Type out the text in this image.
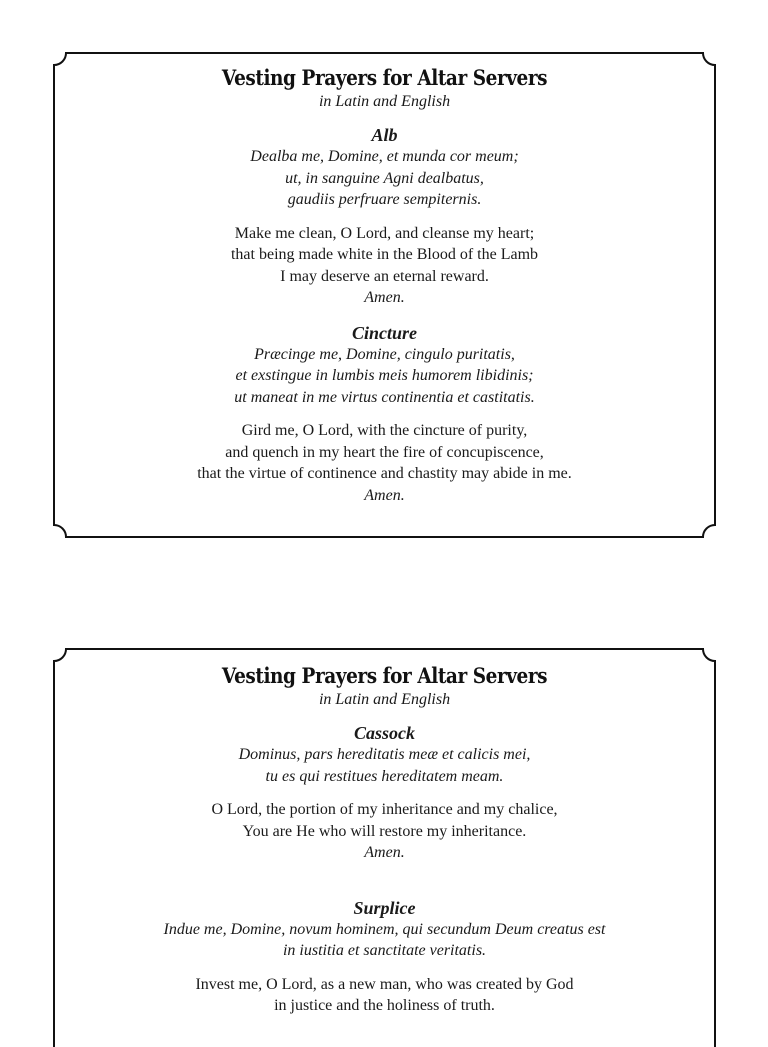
Vesting Prayers for Altar Servers
in Latin and English
Alb
Dealba me, Domine, et munda cor meum;
ut, in sanguine Agni dealbatus,
gaudiis perfruare sempiternis.
Make me clean, O Lord, and cleanse my heart;
that being made white in the Blood of the Lamb
I may deserve an eternal reward.
Amen.
Cincture
Præcinge me, Domine, cingulo puritatis,
et exstingue in lumbis meis humorem libidinis;
ut maneat in me virtus continentia et castitatis.
Gird me, O Lord, with the cincture of purity,
and quench in my heart the fire of concupiscence,
that the virtue of continence and chastity may abide in me.
Amen.
Vesting Prayers for Altar Servers
in Latin and English
Cassock
Dominus, pars hereditatis meæ et calicis mei,
tu es qui restitues hereditatem meam.
O Lord, the portion of my inheritance and my chalice,
You are He who will restore my inheritance.
Amen.
Surplice
Indue me, Domine, novum hominem, qui secundum Deum creatus est
in iustitia et sanctitate veritatis.
Invest me, O Lord, as a new man, who was created by God
in justice and the holiness of truth.
